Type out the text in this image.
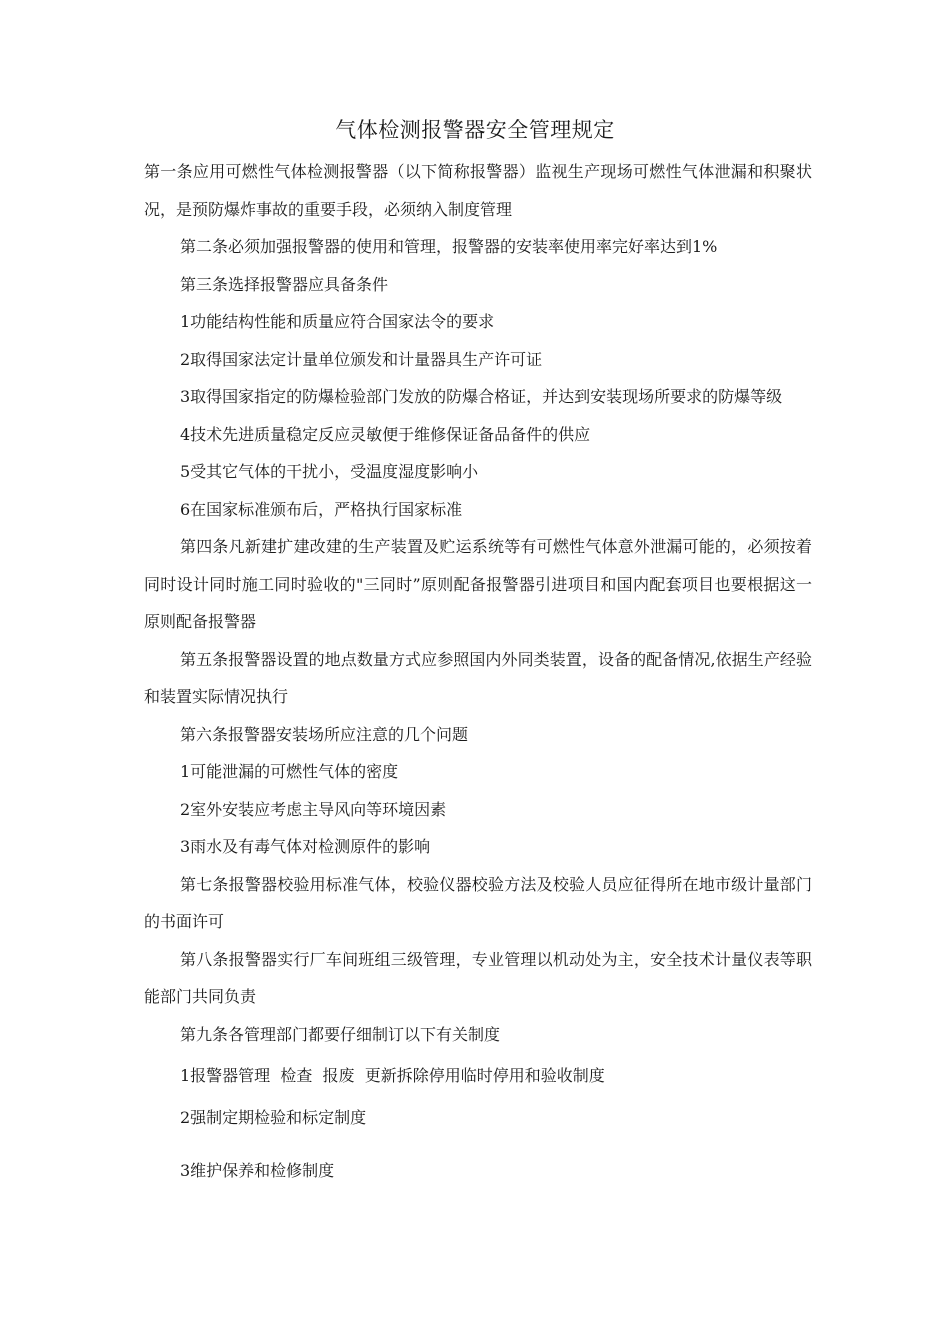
气体检测报警器安全管理规定

第一条应用可燃性气体检测报警器（以下简称报警器）监视生产现场可燃性气体泄漏和积聚状况，是预防爆炸事故的重要手段，必须纳入制度管理

第二条必须加强报警器的使用和管理，报警器的安装率使用率完好率达到1%

第三条选择报警器应具备条件

1功能结构性能和质量应符合国家法令的要求

2取得国家法定计量单位颁发和计量器具生产许可证

3取得国家指定的防爆检验部门发放的防爆合格证，并达到安装现场所要求的防爆等级

4技术先进质量稳定反应灵敏便于维修保证备品备件的供应

5受其它气体的干扰小，受温度湿度影响小

6在国家标准颁布后，严格执行国家标准

第四条凡新建扩建改建的生产装置及贮运系统等有可燃性气体意外泄漏可能的，必须按着同时设计同时施工同时验收的"三同时”原则配备报警器引进项目和国内配套项目也要根据这一原则配备报警器

第五条报警器设置的地点数量方式应参照国内外同类装置，设备的配备情况,依据生产经验和装置实际情况执行

第六条报警器安装场所应注意的几个问题

1可能泄漏的可燃性气体的密度

2室外安装应考虑主导风向等环境因素

3雨水及有毒气体对检测原件的影响

第七条报警器校验用标准气体，校验仪器校验方法及校验人员应征得所在地市级计量部门的书面许可

第八条报警器实行厂车间班组三级管理，专业管理以机动处为主，安全技术计量仪表等职能部门共同负责

第九条各管理部门都要仔细制订以下有关制度

1报警器管理  检查  报废  更新拆除停用临时停用和验收制度

2强制定期检验和标定制度

3维护保养和检修制度
